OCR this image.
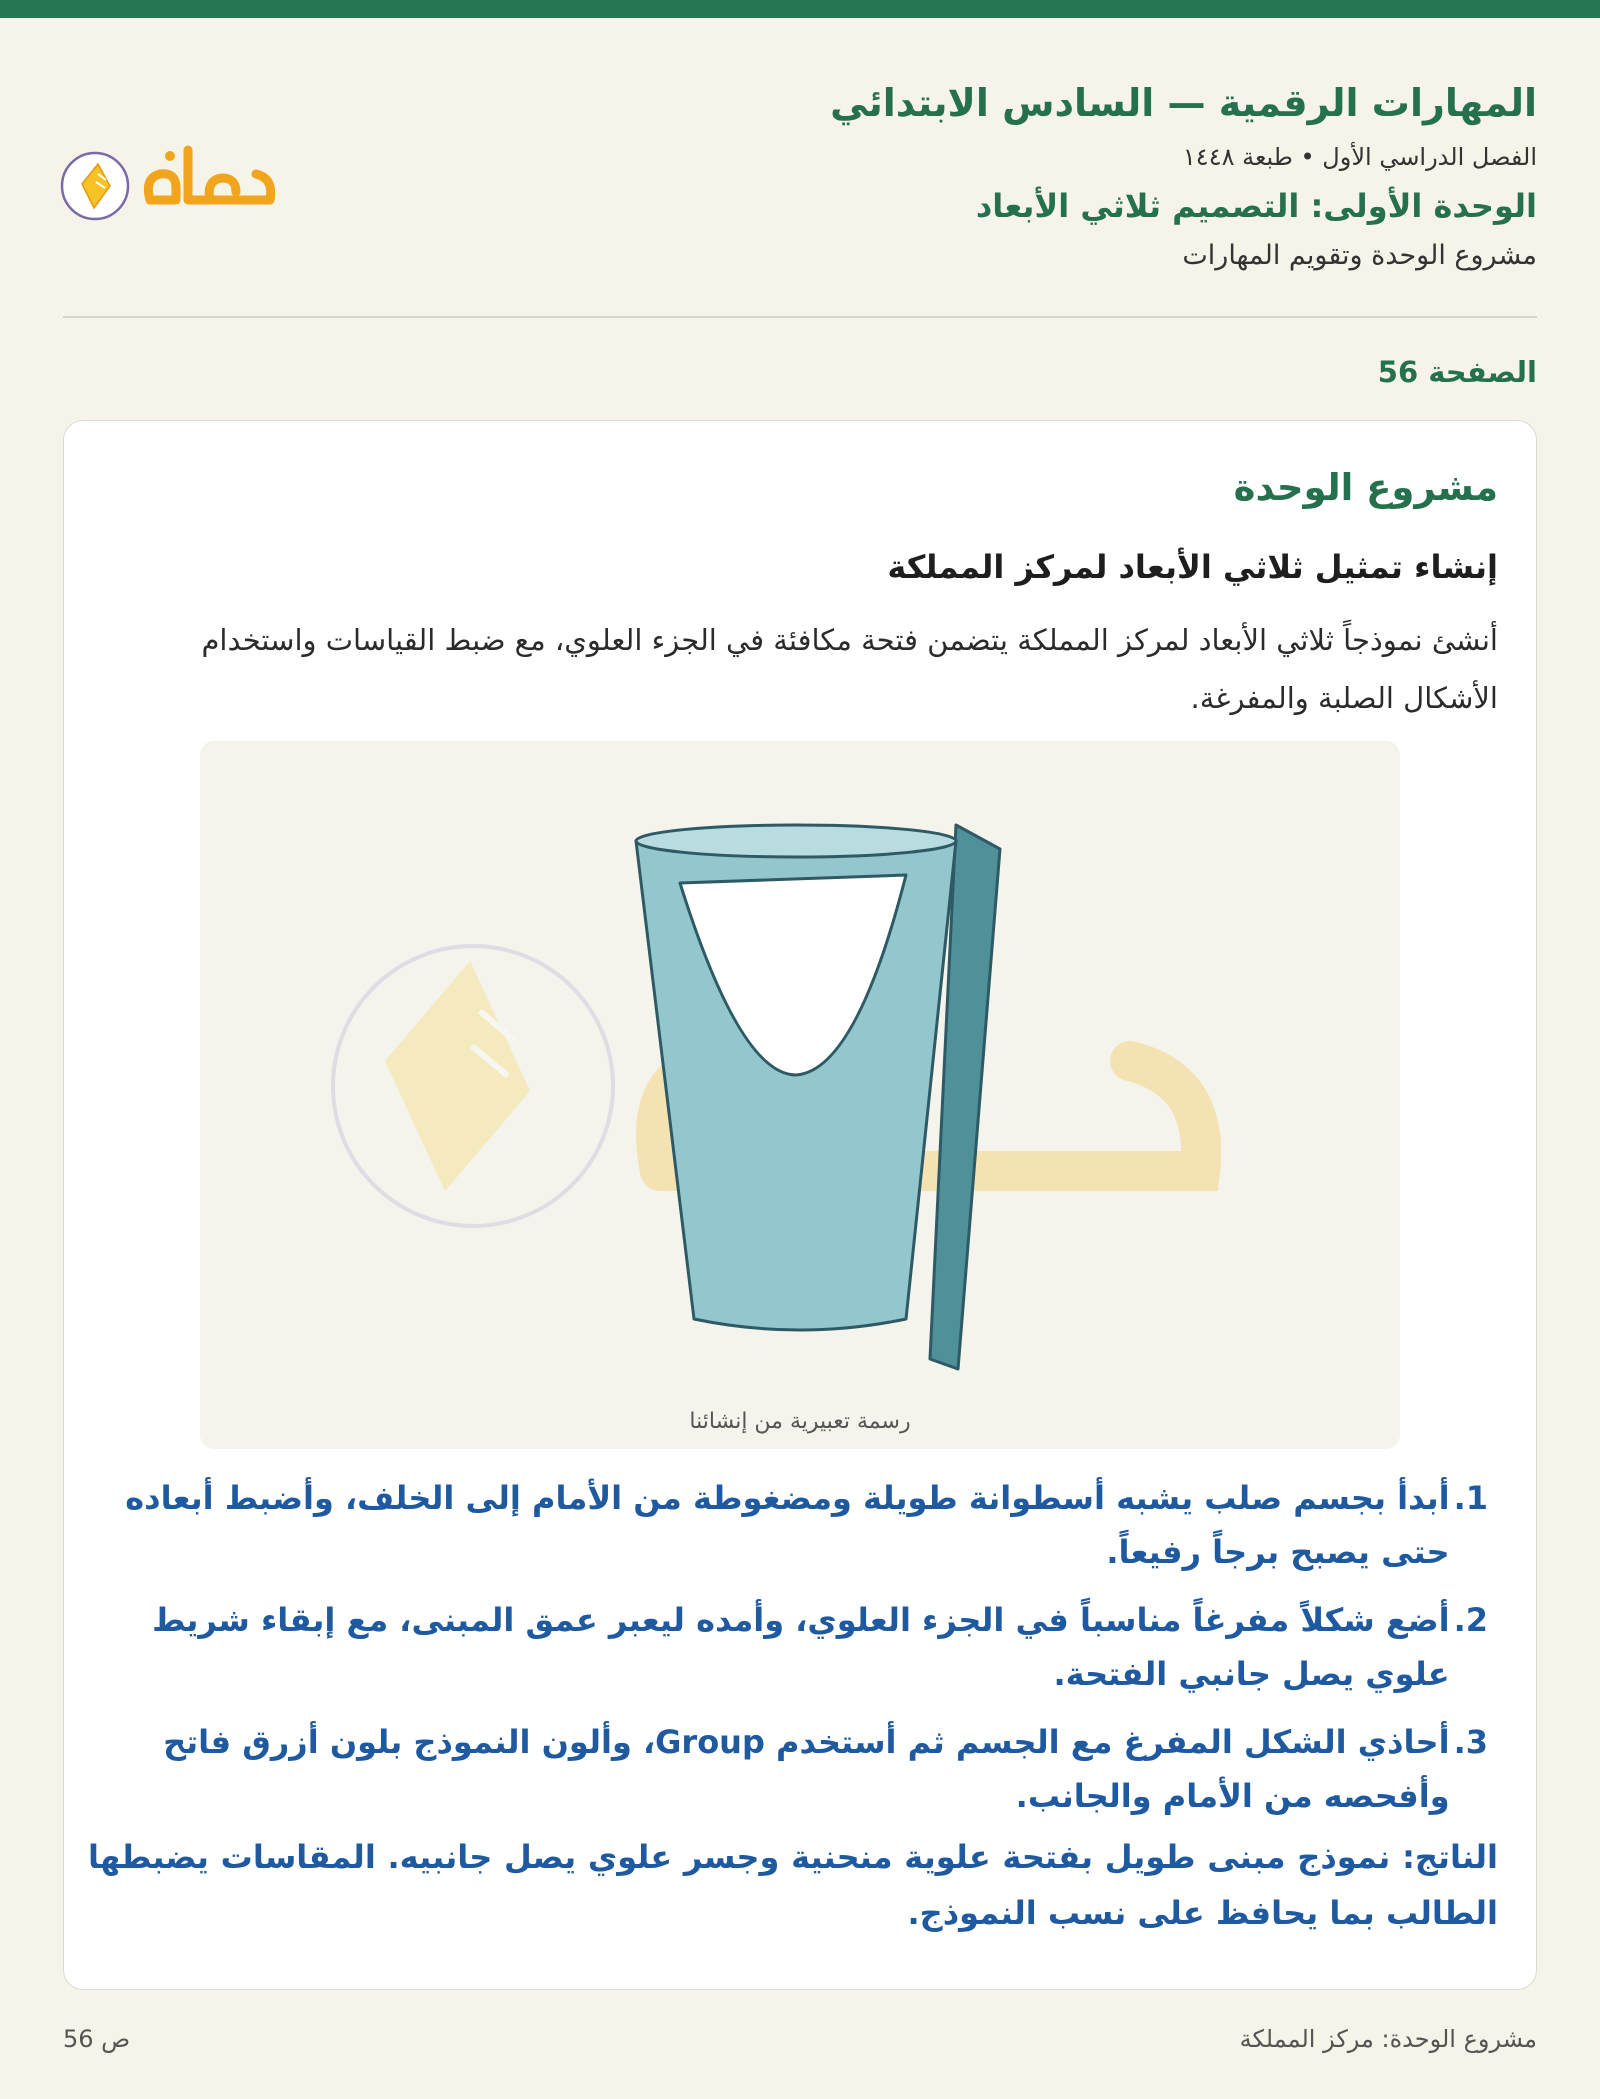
المهارات الرقمية — السادس الابتدائي
الفصل الدراسي الأول • طبعة ١٤٤٨
الوحدة الأولى: التصميم ثلاثي الأبعاد
مشروع الوحدة وتقويم المهارات
الصفحة 56
مشروع الوحدة
إنشاء تمثيل ثلاثي الأبعاد لمركز المملكة
أنشئ نموذجاً ثلاثي الأبعاد لمركز المملكة يتضمن فتحة مكافئة في الجزء العلوي، مع ضبط القياسات واستخدام الأشكال الصلبة والمفرغة.
رسمة تعبيرية من إنشائنا
1.
أبدأ بجسم صلب يشبه أسطوانة طويلة ومضغوطة من الأمام إلى الخلف، وأضبط أبعاده حتى يصبح برجاً رفيعاً.
2.
أضع شكلاً مفرغاً مناسباً في الجزء العلوي، وأمده ليعبر عمق المبنى، مع إبقاء شريط علوي يصل جانبي الفتحة.
3.
أحاذي الشكل المفرغ مع الجسم ثم أستخدم Group، وألون النموذج بلون أزرق فاتح وأفحصه من الأمام والجانب.
الناتج: نموذج مبنى طويل بفتحة علوية منحنية وجسر علوي يصل جانبيه. المقاسات يضبطها الطالب بما يحافظ على نسب النموذج.
مشروع الوحدة: مركز المملكة
ص 56
